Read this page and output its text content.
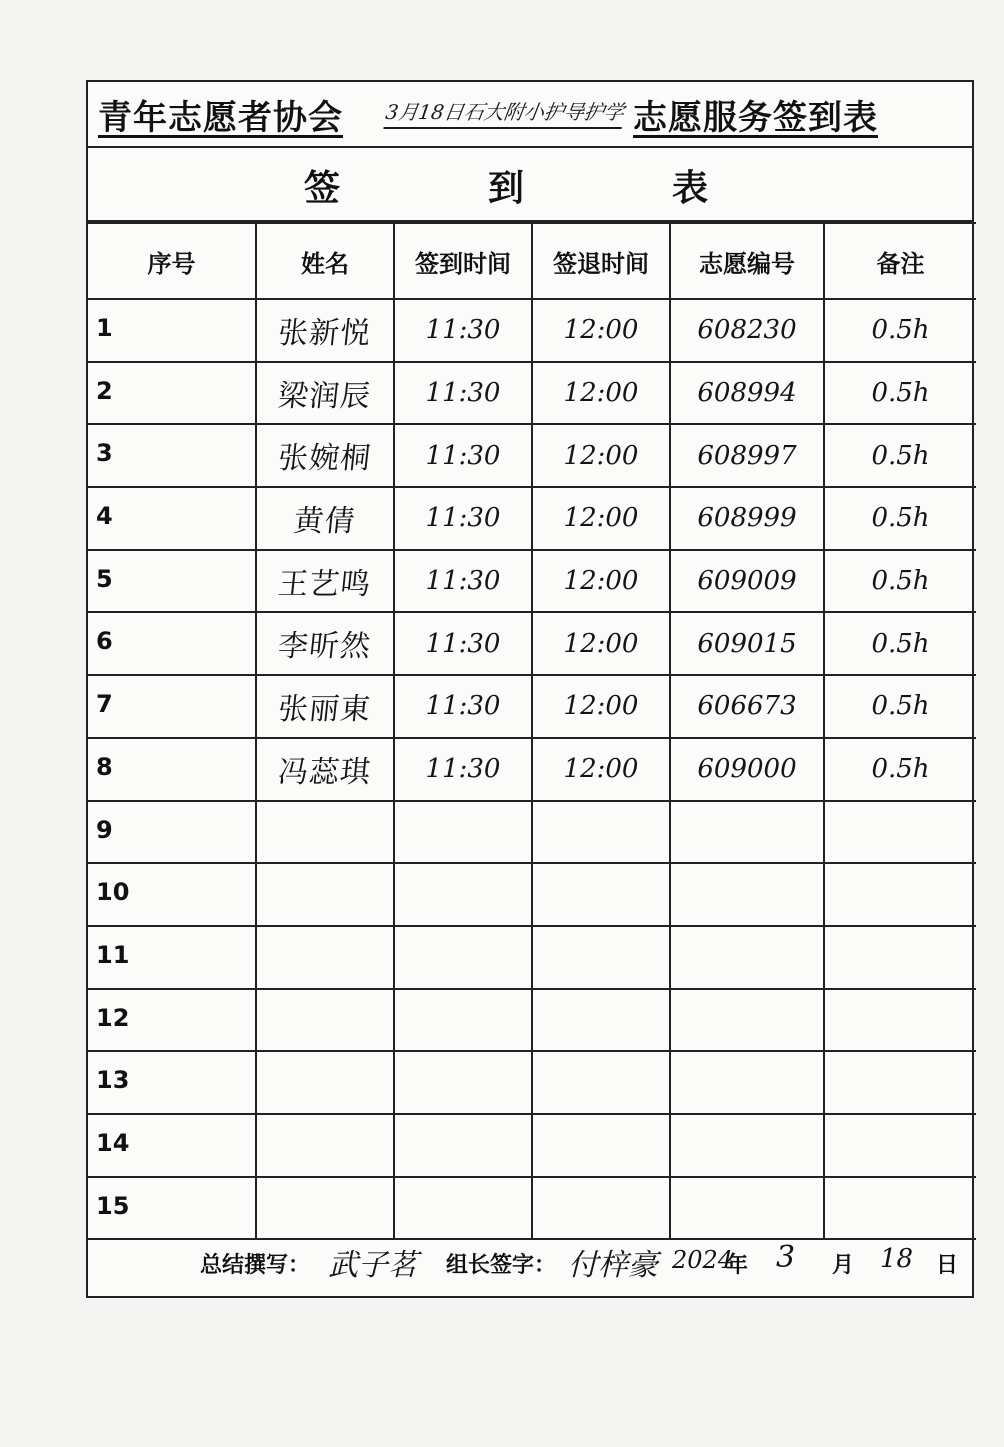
青年志愿者协会 3月18日石大附小护导护学 志愿服务签到表
签	到	表
序号	姓名	签到时间	签退时间	志愿编号	备注
1	张新悦	11:30	12:00	608230	0.5h
2	梁润辰	11:30	12:00	608994	0.5h
3	张婉桐	11:30	12:00	608997	0.5h
4	黄倩	11:30	12:00	608999	0.5h
5	王艺鸣	11:30	12:00	609009	0.5h
6	李昕然	11:30	12:00	609015	0.5h
7	张丽東	11:30	12:00	606673	0.5h
8	冯蕊琪	11:30	12:00	609000	0.5h
9					
10					
11					
12					
13					
14					
15					
总结撰写： 武子茗 组长签字： 付梓豪 2024
年 3 月 18 日
